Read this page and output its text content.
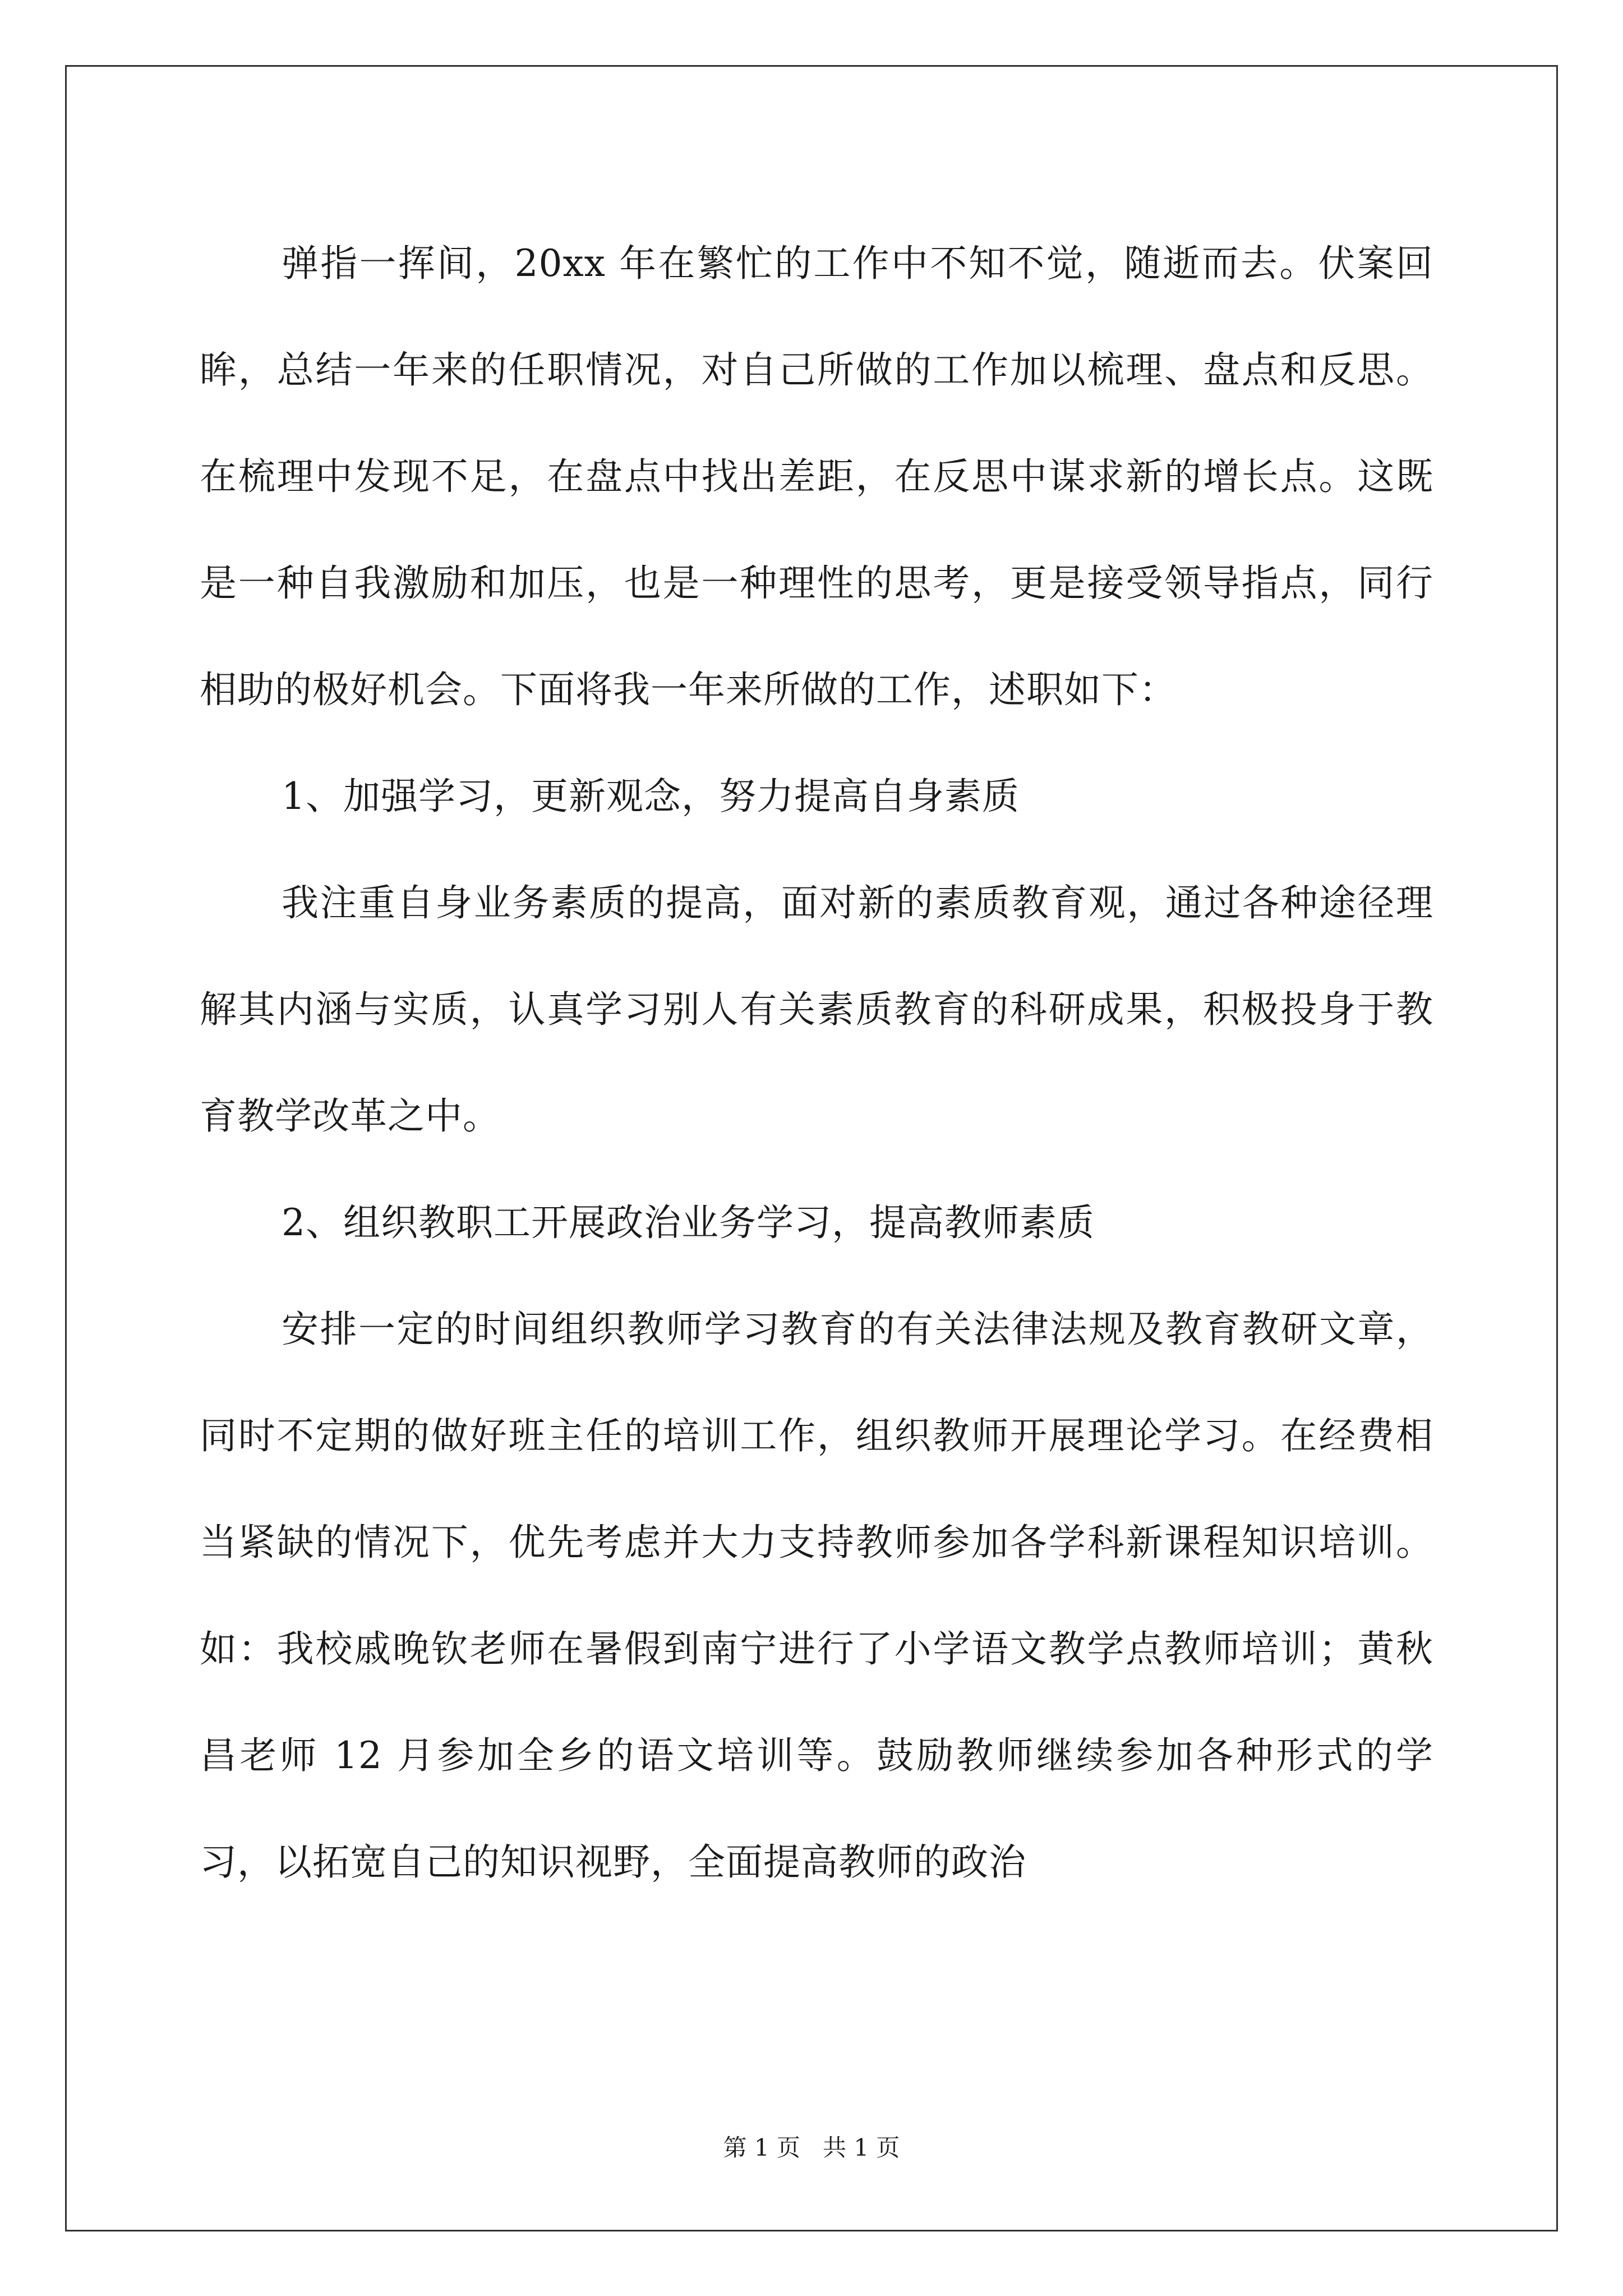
弹指一挥间，20xx 年在繁忙的工作中不知不觉，随逝而去。伏案回眸，总结一年来的任职情况，对自己所做的工作加以梳理、盘点和反思。在梳理中发现不足，在盘点中找出差距，在反思中谋求新的增长点。这既是一种自我激励和加压，也是一种理性的思考，更是接受领导指点，同行相助的极好机会。下面将我一年来所做的工作，述职如下：

1、加强学习，更新观念，努力提高自身素质

我注重自身业务素质的提高，面对新的素质教育观，通过各种途径理解其内涵与实质，认真学习别人有关素质教育的科研成果，积极投身于教育教学改革之中。

2、组织教职工开展政治业务学习，提高教师素质

安排一定的时间组织教师学习教育的有关法律法规及教育教研文章，同时不定期的做好班主任的培训工作，组织教师开展理论学习。在经费相当紧缺的情况下，优先考虑并大力支持教师参加各学科新课程知识培训。如：我校戚晚钦老师在暑假到南宁进行了小学语文教学点教师培训；黄秋昌老师 12 月参加全乡的语文培训等。鼓励教师继续参加各种形式的学习，以拓宽自己的知识视野，全面提高教师的政治

第 1 页 共 1 页
